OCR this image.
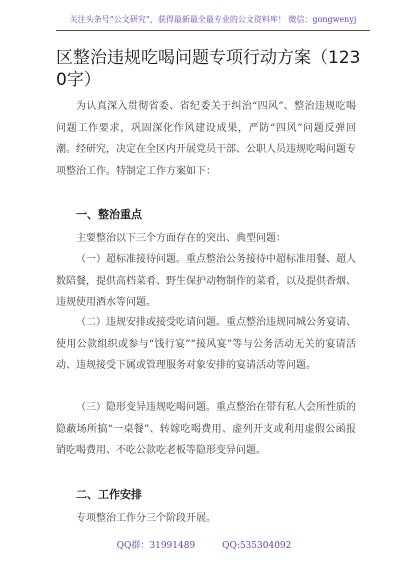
关注头条号“公文研究”，获得最新最全最专业的公文资料库！ 微信：gongwenyj
区整治违规吃喝问题专项行动方案（1230字）
为认真深入贯彻省委、省纪委关于纠治“四风”、整治违规吃喝问题工作要求，巩固深化作风建设成果，严防“四风”问题反弹回潮。经研究，决定在全区内开展党员干部、公职人员违规吃喝问题专项整治工作。特制定工作方案如下：
一、整治重点
主要整治以下三个方面存在的突出、典型问题：
（一）超标准接待问题。重点整治公务接待中超标准用餐、超人数陪餐，提供高档菜肴、野生保护动物制作的菜肴，以及提供香烟、违规使用酒水等问题。
（二）违规安排或接受吃请问题。重点整治违规同城公务宴请、使用公款组织或参与“饯行宴”“接风宴”等与公务活动无关的宴请活动、违规接受下属或管理服务对象安排的宴请活动等问题。
（三）隐形变异违规吃喝问题。重点整治在带有私人会所性质的隐蔽场所搞“一桌餐”、转嫁吃喝费用、虚列开支或利用虚假公函报销吃喝费用、不吃公款吃老板等隐形变异问题。
二、工作安排
专项整治工作分三个阶段开展。
QQ群：31991489	QQ:535304092
